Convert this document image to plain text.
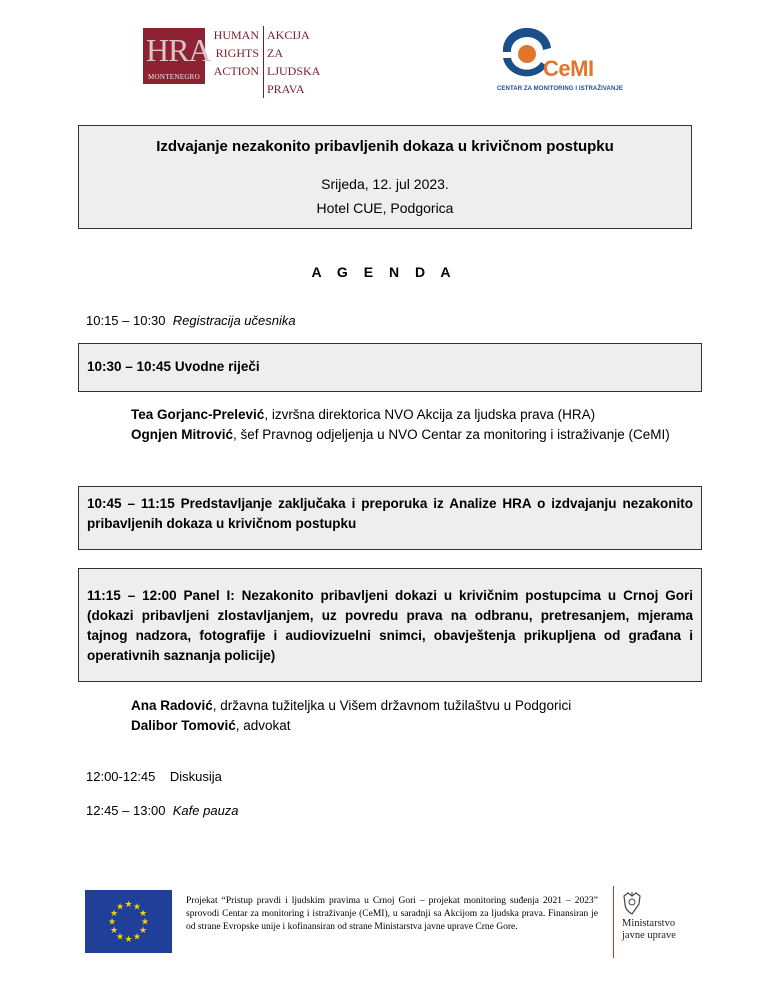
HRA
MONTENEGRO
HUMAN
RIGHTS
ACTION
AKCIJA ZA
LJUDSKA
PRAVA
CeMI
CENTAR ZA MONITORING I ISTRAŽIVANJE
Izdvajanje nezakonito pribavljenih dokaza u krivičnom postupku
Srijeda, 12. jul 2023.
Hotel CUE, Podgorica
A G E N D A
10:15 – 10:30 Registracija učesnika
10:30 – 10:45 Uvodne riječi
Tea Gorjanc-Prelević, izvršna direktorica NVO Akcija za ljudska prava (HRA)
Ognjen Mitrović, šef Pravnog odjeljenja u NVO Centar za monitoring i istraživanje (CeMI)
10:45 – 11:15 Predstavljanje zaključaka i preporuka iz Analize HRA o izdvajanju nezakonito pribavljenih dokaza u krivičnom postupku
11:15 – 12:00 Panel I: Nezakonito pribavljeni dokazi u krivičnim postupcima u Crnoj Gori (dokazi pribavljeni zlostavljanjem, uz povredu prava na odbranu, pretresanjem, mjerama tajnog nadzora, fotografije i audiovizuelni snimci, obavještenja prikupljena od građana i operativnih saznanja policije)
Ana Radović, državna tužiteljka u Višem državnom tužilaštvu u Podgorici
Dalibor Tomović, advokat
12:00-12:45 Diskusija
12:45 – 13:00 Kafe pauza
★ ★
★
★
★
★
★
★
★
★
★
★
Projekat “Pristup pravdi i ljudskim pravima u Crnoj Gori – projekat monitoring suđenja 2021 – 2023” sprovodi Centar za monitoring i istraživanje (CeMI), u saradnji sa Akcijom za ljudska prava. Finansiran je od strane Evropske unije i kofinansiran od strane Ministarstva javne uprave Crne Gore.	Ministarstvo
javne uprave
